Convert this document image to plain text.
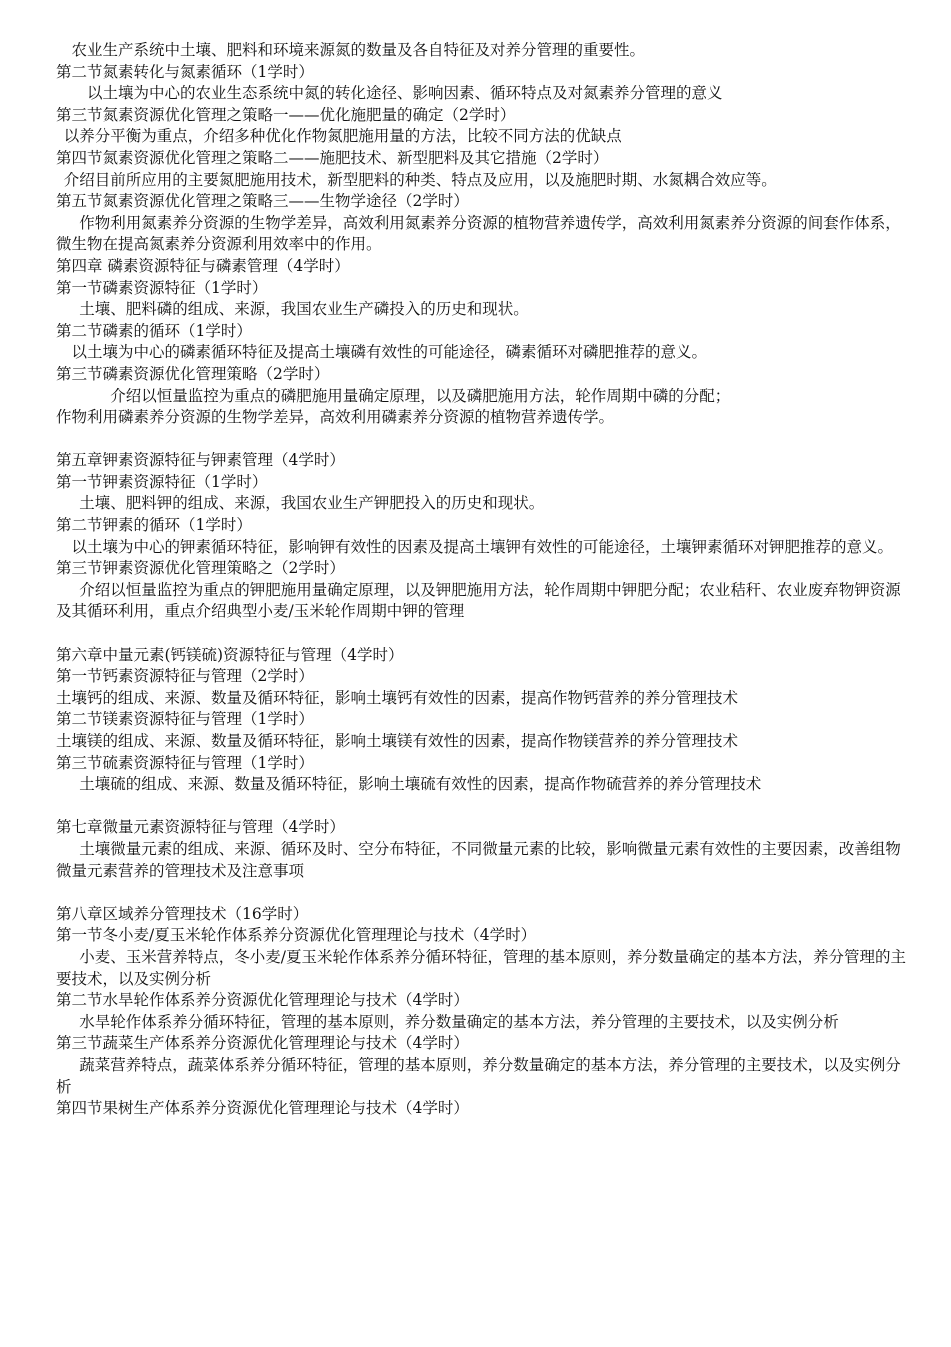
农业生产系统中土壤、肥料和环境来源氮的数量及各自特征及对养分管理的重要性。

第二节氮素转化与氮素循环（1学时）

以土壤为中心的农业生态系统中氮的转化途径、影响因素、循环特点及对氮素养分管理的意义

第三节氮素资源优化管理之策略一——优化施肥量的确定（2学时）

以养分平衡为重点，介绍多种优化作物氮肥施用量的方法，比较不同方法的优缺点

第四节氮素资源优化管理之策略二——施肥技术、新型肥料及其它措施（2学时）

介绍目前所应用的主要氮肥施用技术，新型肥料的种类、特点及应用，以及施肥时期、水氮耦合效应等。

第五节氮素资源优化管理之策略三——生物学途径（2学时）

作物利用氮素养分资源的生物学差异，高效利用氮素养分资源的植物营养遗传学，高效利用氮素养分资源的间套作体系，微生物在提高氮素养分资源利用效率中的作用。

第四章 磷素资源特征与磷素管理（4学时）

第一节磷素资源特征（1学时）

土壤、肥料磷的组成、来源，我国农业生产磷投入的历史和现状。

第二节磷素的循环（1学时）

以土壤为中心的磷素循环特征及提高土壤磷有效性的可能途径，磷素循环对磷肥推荐的意义。

第三节磷素资源优化管理策略（2学时）

介绍以恒量监控为重点的磷肥施用量确定原理，以及磷肥施用方法，轮作周期中磷的分配；

作物利用磷素养分资源的生物学差异，高效利用磷素养分资源的植物营养遗传学。

第五章钾素资源特征与钾素管理（4学时）

第一节钾素资源特征（1学时）

土壤、肥料钾的组成、来源，我国农业生产钾肥投入的历史和现状。

第二节钾素的循环（1学时）

以土壤为中心的钾素循环特征，影响钾有效性的因素及提高土壤钾有效性的可能途径，土壤钾素循环对钾肥推荐的意义。

第三节钾素资源优化管理策略之（2学时）

介绍以恒量监控为重点的钾肥施用量确定原理，以及钾肥施用方法，轮作周期中钾肥分配；农业秸秆、农业废弃物钾资源及其循环利用，重点介绍典型小麦/玉米轮作周期中钾的管理

第六章中量元素(钙镁硫)资源特征与管理（4学时）

第一节钙素资源特征与管理（2学时）

土壤钙的组成、来源、数量及循环特征，影响土壤钙有效性的因素，提高作物钙营养的养分管理技术

第二节镁素资源特征与管理（1学时）

土壤镁的组成、来源、数量及循环特征，影响土壤镁有效性的因素，提高作物镁营养的养分管理技术

第三节硫素资源特征与管理（1学时）

土壤硫的组成、来源、数量及循环特征，影响土壤硫有效性的因素，提高作物硫营养的养分管理技术

第七章微量元素资源特征与管理（4学时）

土壤微量元素的组成、来源、循环及时、空分布特征，不同微量元素的比较，影响微量元素有效性的主要因素，改善组物微量元素营养的管理技术及注意事项

第八章区域养分管理技术（16学时）

第一节冬小麦/夏玉米轮作体系养分资源优化管理理论与技术（4学时）

小麦、玉米营养特点，冬小麦/夏玉米轮作体系养分循环特征，管理的基本原则，养分数量确定的基本方法，养分管理的主要技术，以及实例分析

第二节水旱轮作体系养分资源优化管理理论与技术（4学时）

水旱轮作体系养分循环特征，管理的基本原则，养分数量确定的基本方法，养分管理的主要技术，以及实例分析

第三节蔬菜生产体系养分资源优化管理理论与技术（4学时）

蔬菜营养特点，蔬菜体系养分循环特征，管理的基本原则，养分数量确定的基本方法，养分管理的主要技术，以及实例分析

第四节果树生产体系养分资源优化管理理论与技术（4学时）
